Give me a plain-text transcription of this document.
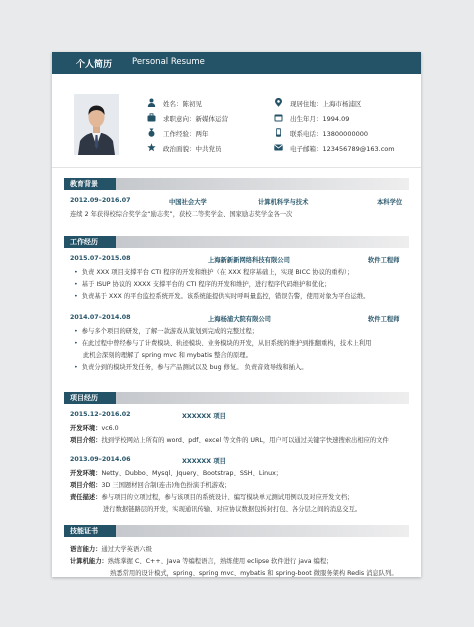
个人简历 Personal Resume
姓名：陈初见
求职意向：新媒体运营
工作经验：两年
政治面貌：中共党员
现居住地：上海市杨浦区
出生年月：1994.09
联系电话：13800000000
电子邮箱：123456789@163.com
教育背景
2012.09–2016.07	中国社会大学	计算机科学与技术	本科学位
连续 2 年获得校综合奖学金“励志奖”，获校二等奖学金、国家励志奖学金各一次
工作经历
2015.07–2015.08	上海新新新网络科技有限公司	软件工程师
• 负责 XXX 项目支撑平台 CTI 程序的开发和维护（在 XXX 程序基础上，实现 BICC 协议的重构）；
• 基于 ISUP 协议的 XXXX 支撑平台的 CTI 程序的开发和维护，进行程序代码维护和优化；
• 负责基于 XXX 的平台监控系统开发。该系统能提供实时呼叫量监控，错误告警，使用对象为平台运维。
2014.07–2014.08	上海杨浦大院有限公司	软件工程师
• 参与多个项目的研发，了解一款游戏从策划到完成的完整过程；
• 在此过程中曾经参与了计费模块、轨迹模块、业务模块的开发，从旧系统的维护到推翻重构，技术上利用
此机会深刻的理解了 spring mvc 和 mybatis 整合的原理。
• 负责分到的模块开发任务，参与产品测试以及 bug 修复。 负责音效导线和插入。
项目经历
2015.12–2016.02	XXXXXX 项目
开发环境：vc6.0
项目介绍：找到学校网站上所有的 word、pdf、excel 等文件的 URL，用户可以通过关键字快速搜索出相应的文件
2013.09–2014.06	XXXXXX 项目
开发环境：Netty、Dubbo、Mysql、Jquery、Bootstrap、SSH、Linux；
项目介绍：3D 三国题材回合制(连击)角色扮演手机游戏；
责任描述：参与项目的立项过程，参与该项目的系统设计、编写模块单元测试用例以及对应开发文档；
进行数据链路层的开发，实现通讯传输、对应协议数据包拆封打包、各分层之间的消息交互。
技能证书
语言能力：通过大学英语六级
计算机能力：熟练掌握 C、C++、Java 等编程语言，熟练使用 eclipse 软件进行 java 编程；
熟悉常用的设计模式，spring、spring mvc、mybatis 和 spring-boot 微服务架构 Redis 消息队列。
